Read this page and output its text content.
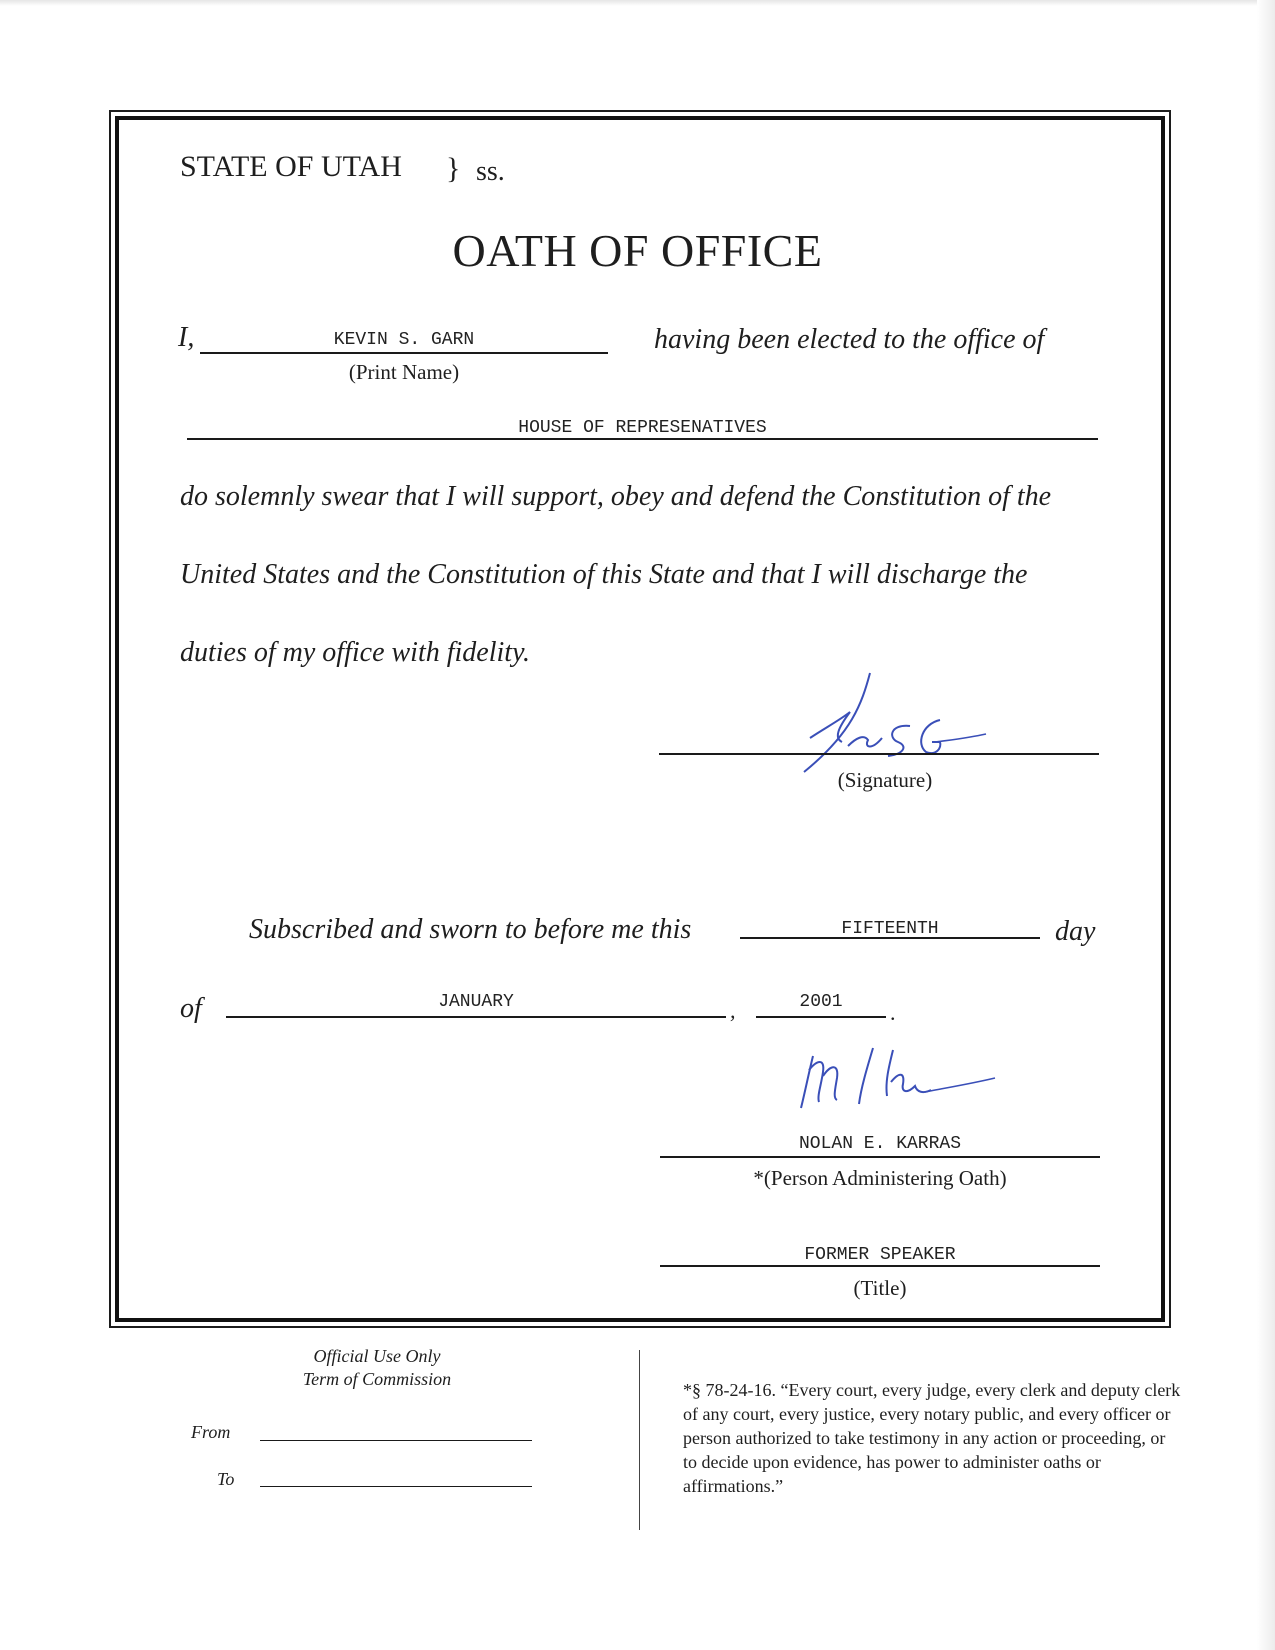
STATE OF UTAH } ss.
OATH OF OFFICE
I,	KEVIN S. GARN
(Print Name)
having been elected to the office of
HOUSE OF REPRESENATIVES
do solemnly swear that I will support, obey and defend the Constitution of the
United States and the Constitution of this State and that I will discharge the
duties of my office with fidelity.
(Signature)
Subscribed and sworn to before me this	FIFTEENTH	day
of	JANUARY	,	2001	.
NOLAN E. KARRAS
*(Person Administering Oath)
FORMER SPEAKER
(Title)
Official Use Only
Term of Commission
From
To
*§ 78-24-16. “Every court, every judge, every clerk and deputy clerk of any court, every justice, every notary public, and every officer or person authorized to take testimony in any action or proceeding, or to decide upon evidence, has power to administer oaths or affirmations.”
